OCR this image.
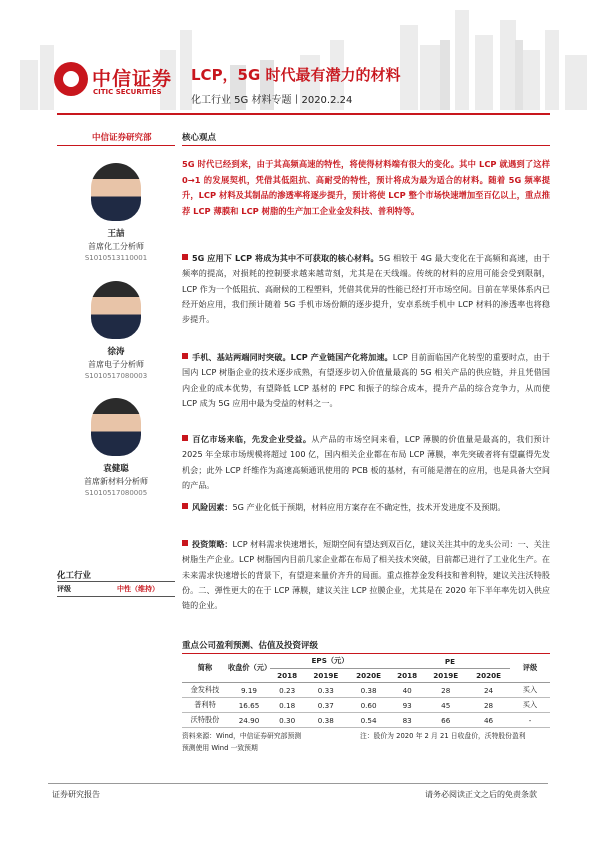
中信证券
CITIC SECURITIES
LCP，5G 时代最有潜力的材料
化工行业 5G 材料专题丨2020.2.24
中信证券研究部	核心观点
王喆
首席化工分析师
S1010513110001
徐涛
首席电子分析师
S1010517080003
袁健聪
首席新材料分析师
S1010517080005
化工行业
评级	中性（维持）
5G 时代已经到来，由于其高频高速的特性，将使得材料端有很大的变化。其中 LCP 就遇到了这样 0→1 的发展契机，凭借其低阻抗、高耐受的特性，预计将成为最为适合的材料。随着 5G 频率提升，LCP 材料及其制品的渗透率将逐步提升，预计将使 LCP 整个市场快速增加至百亿以上，重点推荐 LCP 薄膜和 LCP 树脂的生产加工企业金发科技、普利特等。
5G 应用下 LCP 将成为其中不可获取的核心材料。5G 相较于 4G 最大变化在于高频和高速，由于频率的提高，对损耗的控制要求越来越苛刻，尤其是在天线端。传统的材料的应用可能会受到限制，LCP 作为一个低阻抗、高耐候的工程塑料，凭借其优异的性能已经打开市场空间。目前在苹果体系内已经开始应用，我们预计随着 5G 手机市场份额的逐步提升，安卓系统手机中 LCP 材料的渗透率也将稳步提升。
手机、基站两端同时突破。LCP 产业链国产化将加速。LCP 目前面临国产化转型的重要时点，由于国内 LCP 树脂企业的技术逐步成熟，有望逐步切入价值量最高的 5G 相关产品的供应链，并且凭借国内企业的成本优势，有望降低 LCP 基材的 FPC 和振子的综合成本，提升产品的综合竞争力，从而使 LCP 成为 5G 应用中最为受益的材料之一。
百亿市场来临，先发企业受益。从产品的市场空间来看，LCP 薄膜的价值量是最高的，我们预计 2025 年全球市场规模将超过 100 亿，国内相关企业都在布局 LCP 薄膜，率先突破者将有望赢得先发机会；此外 LCP 纤维作为高速高频通讯使用的 PCB 板的基材，有可能是潜在的应用，也是具备大空间的产品。
风险因素：5G 产业化低于预期，材料应用方案存在不确定性，技术开发进度不及预期。
投资策略：LCP 材料需求快速增长，短期空间有望达到双百亿，建议关注其中的龙头公司：一、关注树脂生产企业。LCP 树脂国内目前几家企业都在布局了相关技术突破，目前都已进行了工业化生产。在未来需求快速增长的背景下，有望迎来量价齐升的局面。重点推荐金发科技和普利特，建议关注沃特股份。二、弹性更大的在于 LCP 薄膜，建议关注 LCP 拉膜企业，尤其是在 2020 年下半年率先切入供应链的企业。
重点公司盈利预测、估值及投资评级
简称	收盘价（元）	EPS（元）			PE			评级
		2018	2019E	2020E	2018	2019E	2020E	
金发科技	9.19	0.23	0.33	0.38	40	28	24	买入
普利特	16.65	0.18	0.37	0.60	93	45	28	买入
沃特股份	24.90	0.30	0.38	0.54	83	66	46	-
资料来源：Wind，中信证券研究部预测
预测使用 Wind 一致预期
注：股价为 2020 年 2 月 21 日收盘价，沃特股份盈利
证券研究报告	请务必阅读正文之后的免责条款
